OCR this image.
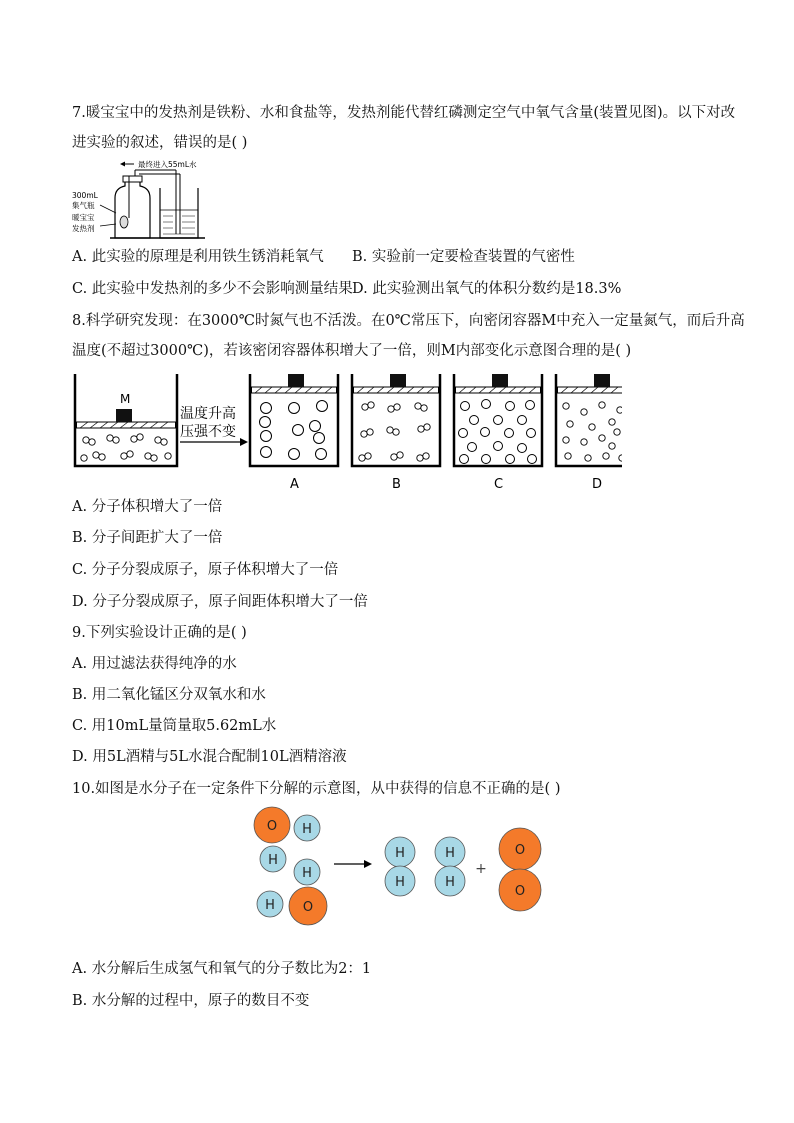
7.暖宝宝中的发热剂是铁粉、水和食盐等，发热剂能代替红磷测定空气中氧气含量(装置见图)。以下对改
进实验的叙述，错误的是( )
最终进入55mL水
300mL
集气瓶
暖宝宝
发热剂
A. 此实验的原理是利用铁生锈消耗氧气 B. 实验前一定要检查装置的气密性
C. 此实验中发热剂的多少不会影响测量结果 D. 此实验测出氧气的体积分数约是18.3%
8.科学研究发现：在3000℃时氮气也不活泼。在0℃常压下，向密闭容器M中充入一定量氮气，而后升高
温度(不超过3000℃)，若该密闭容器体积增大了一倍，则M内部变化示意图合理的是( )
M
温度升高
压强不变
A	B	C	D
A. 分子体积增大了一倍
B. 分子间距扩大了一倍
C. 分子分裂成原子，原子体积增大了一倍
D. 分子分裂成原子，原子间距体积增大了一倍
9.下列实验设计正确的是( )
A. 用过滤法获得纯净的水
B. 用二氧化锰区分双氧水和水
C. 用10mL量筒量取5.62mL水
D. 用5L酒精与5L水混合配制10L酒精溶液
10.如图是水分子在一定条件下分解的示意图，从中获得的信息不正确的是( )
O H
H
H
H O
H
H
H
H
+
O
O
A. 水分解后生成氢气和氧气的分子数比为2：1
B. 水分解的过程中，原子的数目不变
